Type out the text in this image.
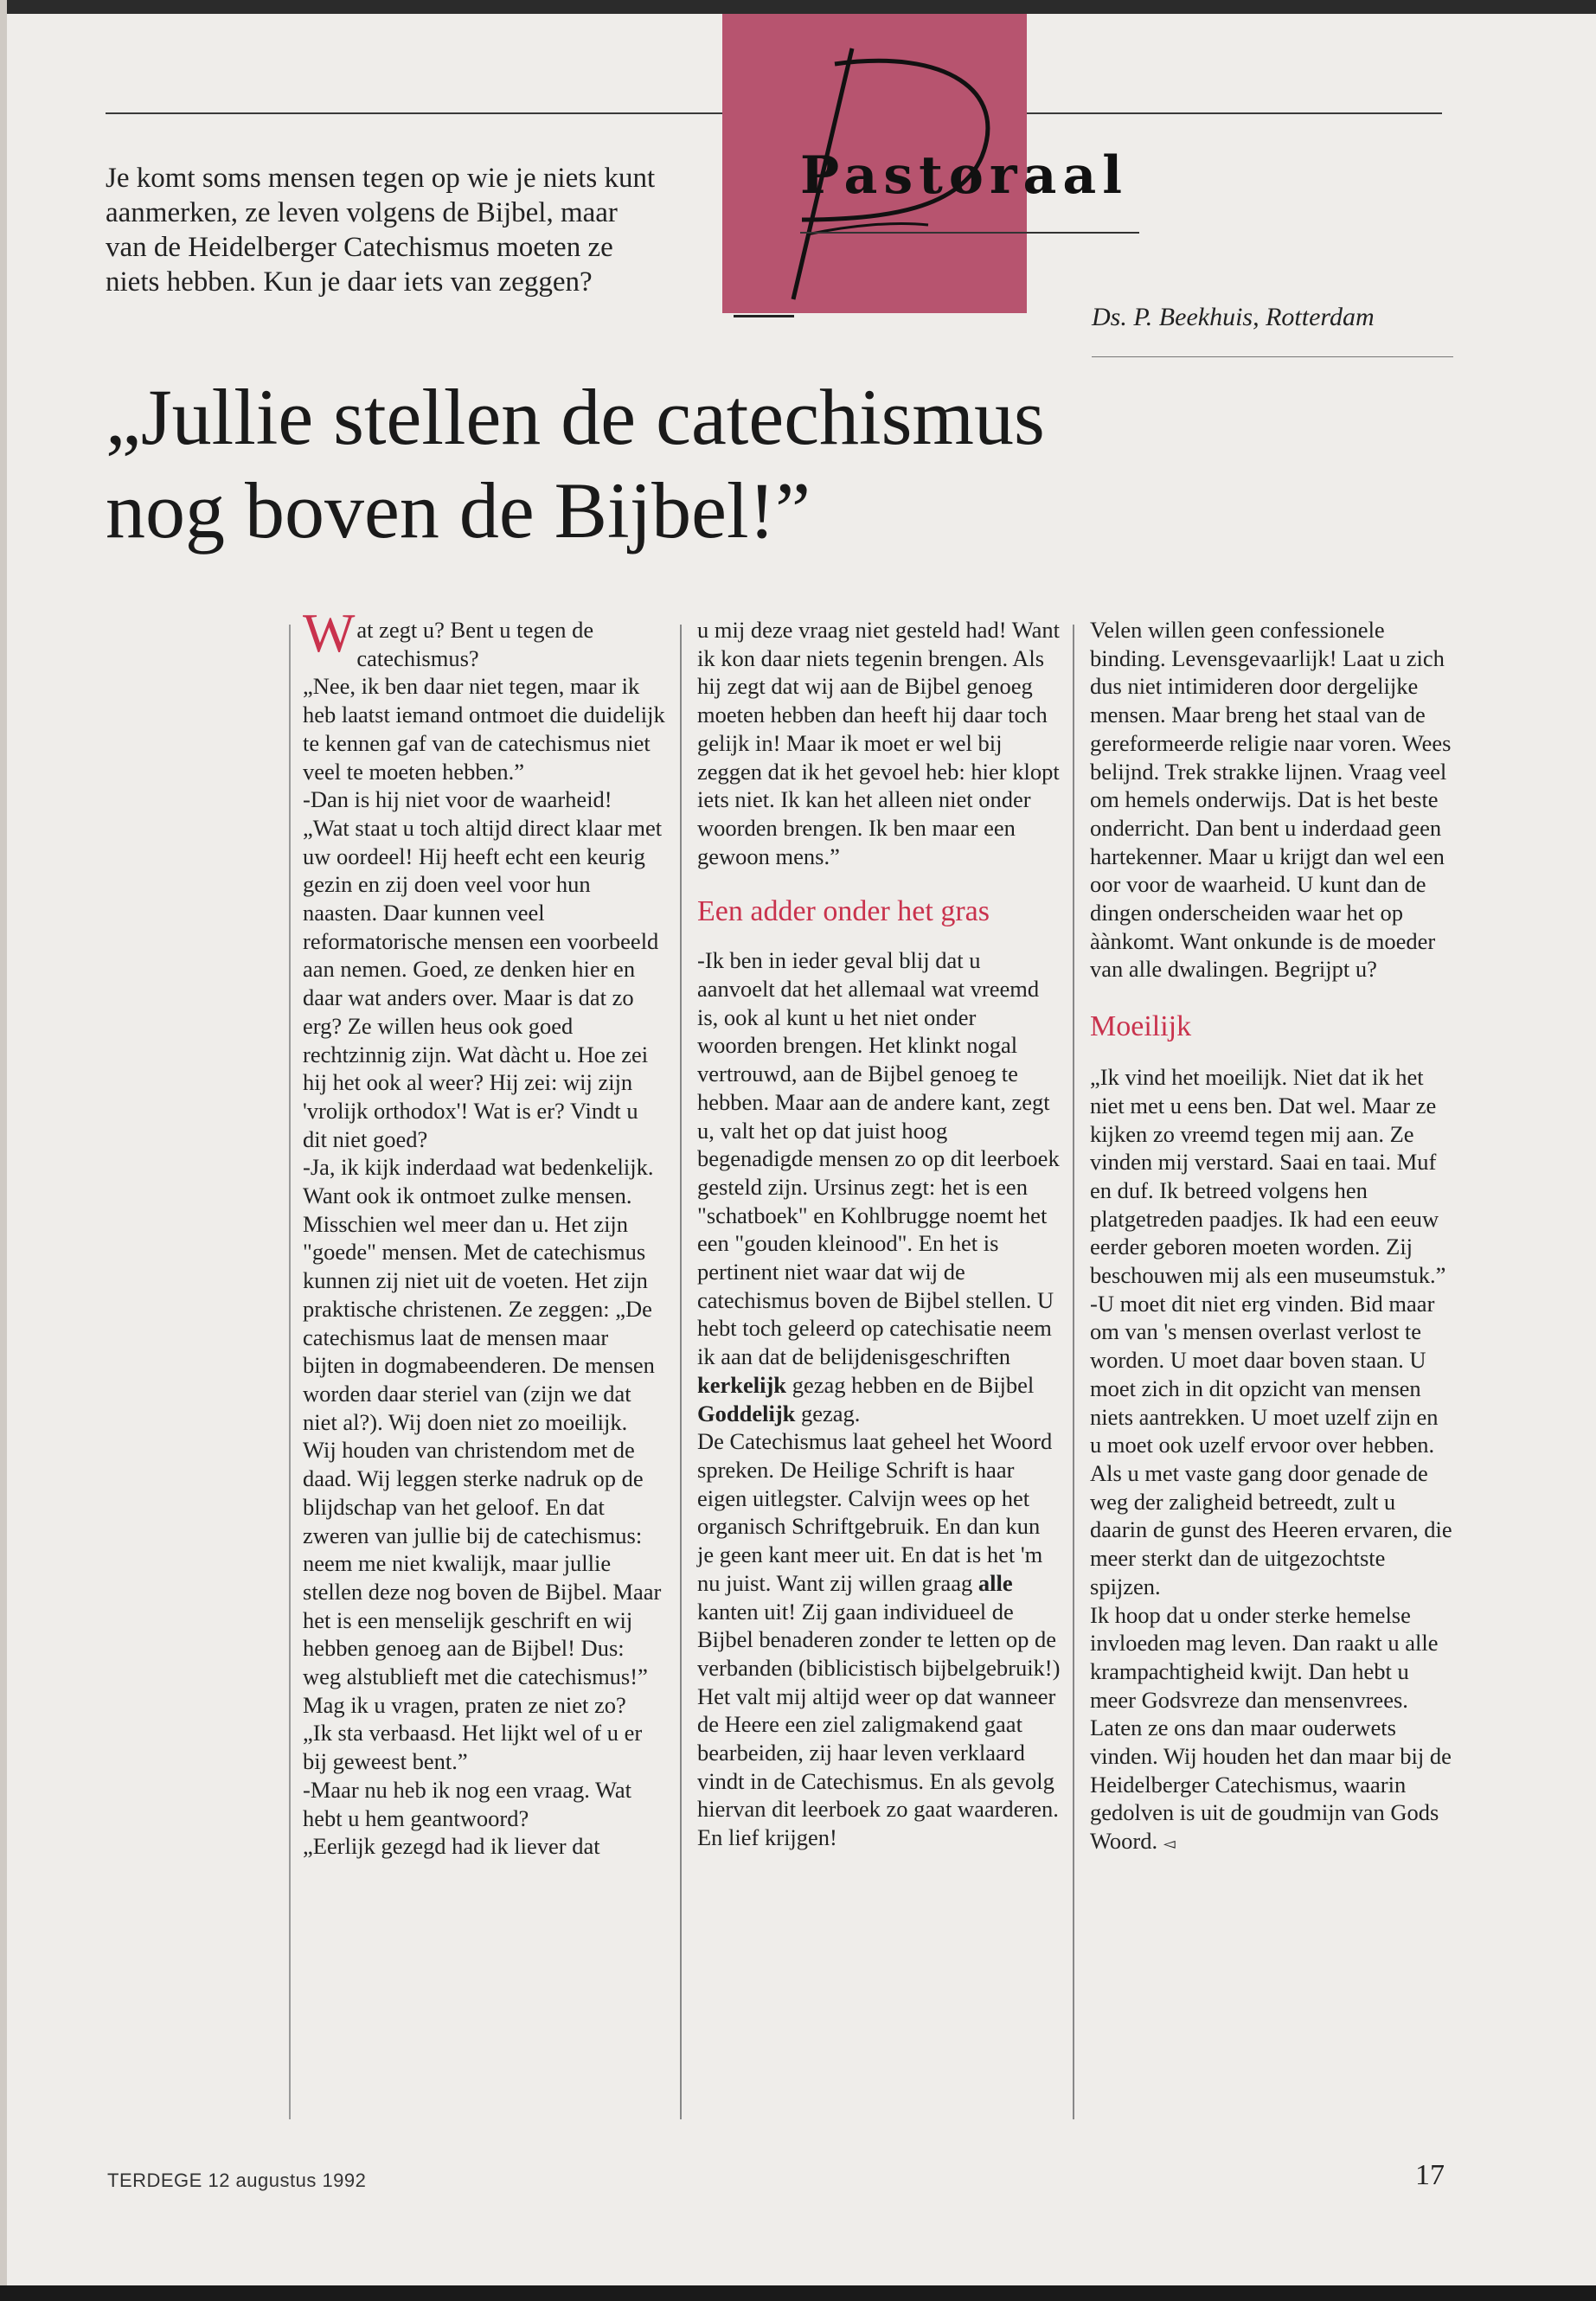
Pastoraal
Je komt soms mensen tegen op wie je niets kunt aanmerken, ze leven volgens de Bijbel, maar van de Heidelberger Catechismus moeten ze niets hebben. Kun je daar iets van zeggen?
Ds. P. Beekhuis, Rotterdam
„Jullie stellen de catechismus
nog boven de Bijbel!”

Wat zegt u? Bent u tegen de catechismus?

„Nee, ik ben daar niet tegen, maar ik heb laatst iemand ontmoet die duidelijk te kennen gaf van de catechismus niet veel te moeten hebben.”

-Dan is hij niet voor de waarheid!

„Wat staat u toch altijd direct klaar met uw oordeel! Hij heeft echt een keurig gezin en zij doen veel voor hun naasten. Daar kunnen veel reformatorische mensen een voorbeeld aan nemen. Goed, ze denken hier en daar wat anders over. Maar is dat zo erg? Ze willen heus ook goed rechtzinnig zijn. Wat dàcht u. Hoe zei hij het ook al weer? Hij zei: wij zijn 'vrolijk orthodox'! Wat is er? Vindt u dit niet goed?

-Ja, ik kijk inderdaad wat bedenkelijk. Want ook ik ontmoet zulke mensen. Misschien wel meer dan u. Het zijn "goede" mensen. Met de catechismus kunnen zij niet uit de voeten. Het zijn praktische christenen. Ze zeggen: „De catechismus laat de mensen maar bijten in dogmabeenderen. De mensen worden daar steriel van (zijn we dat niet al?). Wij doen niet zo moeilijk. Wij houden van christendom met de daad. Wij leggen sterke nadruk op de blijdschap van het geloof. En dat zweren van jullie bij de catechismus: neem me niet kwalijk, maar jullie stellen deze nog boven de Bijbel. Maar het is een menselijk geschrift en wij hebben genoeg aan de Bijbel! Dus: weg alstublieft met die catechismus!” Mag ik u vragen, praten ze niet zo?

„Ik sta verbaasd. Het lijkt wel of u er bij geweest bent.”

-Maar nu heb ik nog een vraag. Wat hebt u hem geantwoord?

„Eerlijk gezegd had ik liever dat

u mij deze vraag niet gesteld had! Want ik kon daar niets tegenin brengen. Als hij zegt dat wij aan de Bijbel genoeg moeten hebben dan heeft hij daar toch gelijk in! Maar ik moet er wel bij zeggen dat ik het gevoel heb: hier klopt iets niet. Ik kan het alleen niet onder woorden brengen. Ik ben maar een gewoon mens.”

Een adder onder het gras

-Ik ben in ieder geval blij dat u aanvoelt dat het allemaal wat vreemd is, ook al kunt u het niet onder woorden brengen. Het klinkt nogal vertrouwd, aan de Bijbel genoeg te hebben. Maar aan de andere kant, zegt u, valt het op dat juist hoog begenadigde mensen zo op dit leerboek gesteld zijn. Ursinus zegt: het is een "schatboek" en Kohlbrugge noemt het een "gouden kleinood". En het is pertinent niet waar dat wij de catechismus boven de Bijbel stellen. U hebt toch geleerd op catechisatie neem ik aan dat de belijdenisgeschriften kerkelijk gezag hebben en de Bijbel Goddelijk gezag.

De Catechismus laat geheel het Woord spreken. De Heilige Schrift is haar eigen uitlegster. Calvijn wees op het organisch Schriftgebruik. En dan kun je geen kant meer uit. En dat is het 'm nu juist. Want zij willen graag alle kanten uit! Zij gaan individueel de Bijbel benaderen zonder te letten op de verbanden (biblicistisch bijbelgebruik!)

Het valt mij altijd weer op dat wanneer de Heere een ziel zaligmakend gaat bearbeiden, zij haar leven verklaard vindt in de Catechismus. En als gevolg hiervan dit leerboek zo gaat waarderen. En lief krijgen!

Velen willen geen confessionele binding. Levensgevaarlijk! Laat u zich dus niet intimideren door dergelijke mensen. Maar breng het staal van de gereformeerde religie naar voren. Wees belijnd. Trek strakke lijnen. Vraag veel om hemels onderwijs. Dat is het beste onderricht. Dan bent u inderdaad geen hartekenner. Maar u krijgt dan wel een oor voor de waarheid. U kunt dan de dingen onderscheiden waar het op àànkomt. Want onkunde is de moeder van alle dwalingen. Begrijpt u?

Moeilijk

„Ik vind het moeilijk. Niet dat ik het niet met u eens ben. Dat wel. Maar ze kijken zo vreemd tegen mij aan. Ze vinden mij verstard. Saai en taai. Muf en duf. Ik betreed volgens hen platgetreden paadjes. Ik had een eeuw eerder geboren moeten worden. Zij beschouwen mij als een museumstuk.”

-U moet dit niet erg vinden. Bid maar om van 's mensen overlast verlost te worden. U moet daar boven staan. U moet zich in dit opzicht van mensen niets aantrekken. U moet uzelf zijn en u moet ook uzelf ervoor over hebben. Als u met vaste gang door genade de weg der zaligheid betreedt, zult u daarin de gunst des Heeren ervaren, die meer sterkt dan de uitgezochtste spijzen.

Ik hoop dat u onder sterke hemelse invloeden mag leven. Dan raakt u alle krampachtigheid kwijt. Dan hebt u meer Godsvreze dan mensenvrees. Laten ze ons dan maar ouderwets vinden. Wij houden het dan maar bij de Heidelberger Catechismus, waarin gedolven is uit de goudmijn van Gods Woord. ◅

TERDEGE 12 augustus 1992	17
